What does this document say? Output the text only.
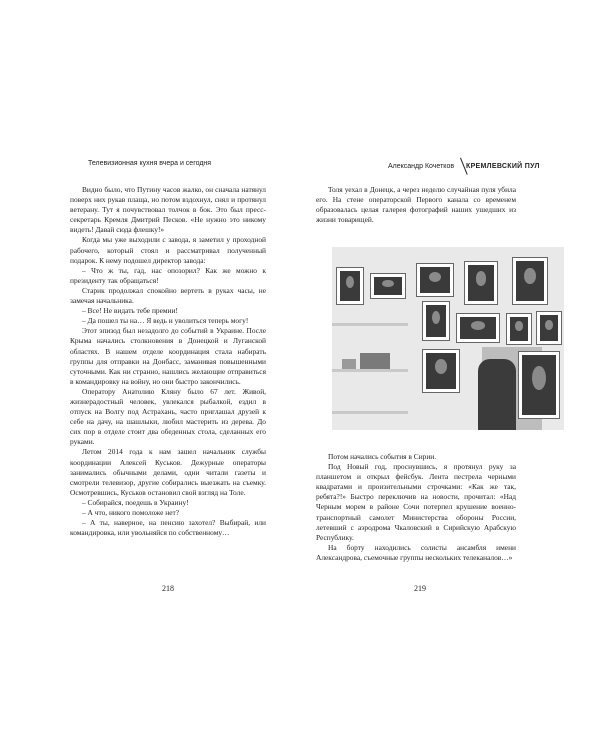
Телевизионная кухня вчера и сегодня	Александр Кочетков КРЕМЛЕВСКИЙ ПУЛ

Видно было, что Путину часов жалко, он сначала натянул поверх них рукав плаща, но потом вздохнул, снял и протянул ветерану. Тут я почувствовал толчок в бок. Это был пресс-секретарь Кремля Дмитрий Песков. «Не нужно это никому видеть! Давай сюда флешку!»

Когда мы уже выходили с завода, я заметил у проходной рабочего, который стоял и рассматривал полученный подарок. К нему подошел директор завода:

– Что ж ты, гад, нас опозорил? Как же можно к президенту так обращаться!

Старик продолжал спокойно вертеть в руках часы, не замечая начальника.

– Все! Не видать тебе премии!

– Да пошел ты на… Я ведь и уволиться теперь могу!

Этот эпизод был незадолго до событий в Украине. После Крыма начались столкновения в Донецкой и Луганской областях. В нашем отделе координация стала набирать группы для отправки на Донбасс, заманивая повышенными суточными. Как ни странно, нашлись желающие отправиться в командировку на войну, но они быстро закончились.

Оператору Анатолию Кляну было 67 лет. Живой, жизнерадостный человек, увлекался рыбалкой, ездил в отпуск на Волгу под Астрахань, часто приглашал друзей к себе на дачу, на шашлыки, любил мастерить из дерева. До сих пор в отделе стоит два обеденных стола, сделанных его руками.

Летом 2014 года к нам зашел начальник службы координации Алексей Куськов. Дежурные операторы занимались обычными делами, одни читали газеты и смотрели телевизор, другие собирались выезжать на съемку. Осмотревшись, Куськов остановил свой взгляд на Толе.

– Собирайся, поедешь в Украину!

– А что, никого помоложе нет?

– А ты, наверное, на пенсию захотел? Выбирай, или командировка, или увольняйся по собственному…

218

Толя уехал в Донецк, а через неделю случайная пуля убила его. На стене операторской Первого канала со временем образовалась целая галерея фотографий наших ушедших из жизни товарищей.

Потом начались события в Сирии.

Под Новый год, проснувшись, я протянул руку за планшетом и открыл фейсбук. Лента пестрела черными квадратами и произительными строчками: «Как же так, ребята?!» Быстро переключив на новости, прочитал: «Над Черным морем в районе Сочи потерпел крушение военно-транспортный самолет Министерства обороны России, летевший с аэродрома Чкаловский в Сирийскую Арабскую Республику.

На борту находились солисты ансамбля имени Александрова, съемочные группы нескольких телеканалов…»

219
